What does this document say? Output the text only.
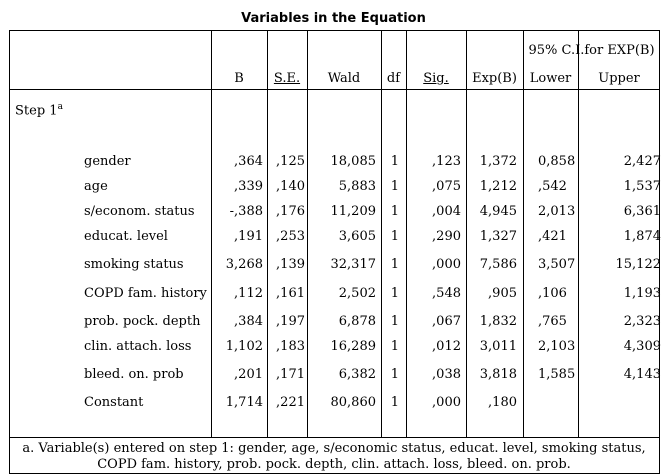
Variables in the Equation
95% C.I.for EXP(B)
B	S.E.	Wald	df	Sig.	Exp(B) Lower	Upper
Step 1$^a$
gender	,364 ,125 18,085 1	,123 1,372 0,858	2,427
age	,339 ,140	5,883 1	,075 1,212 ,542	1,537
s/econom. status	-,388 ,176 11,209 1	,004 4,945 2,013	6,361
educat. level	,191 ,253	3,605 1	,290 1,327 ,421	1,874
smoking status	3,268 ,139 32,317 1	,000 7,586 3,507	15,122
COPD fam. history ,112 ,161	2,502 1	,548 ,905 ,106	1,193
prob. pock. depth	,384 ,197	6,878 1	,067 1,832 ,765	2,323
clin. attach. loss	1,102 ,183 16,289 1	,012 3,011 2,103	4,309
bleed. on. prob	,201 ,171	6,382 1	,038 3,818 1,585	4,143
Constant	1,714 ,221 80,860 1	,000 ,180
a. Variable(s) entered on step 1: gender, age, s/economic status, educat. level, smoking status, COPD fam. history, prob. pock. depth, clin. attach. loss, bleed. on. prob.
